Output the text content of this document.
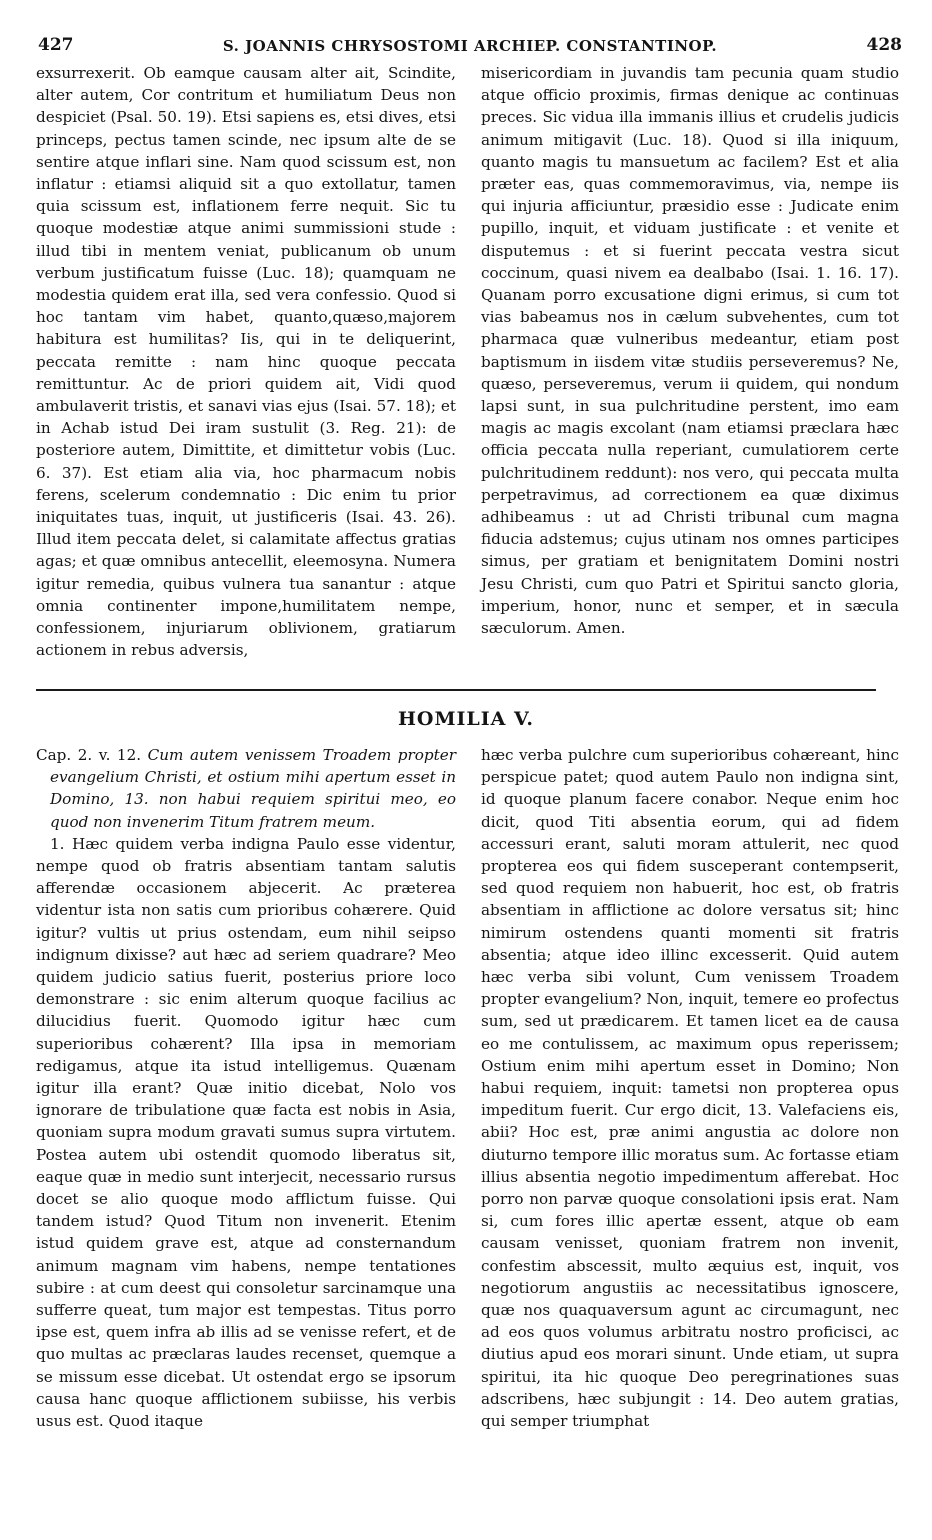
427	S. JOANNIS CHRYSOSTOMI ARCHIEP. CONSTANTINOP.	428

exsurrexerit. Ob eamque causam alter ait, Scindite, alter autem, Cor contritum et humiliatum Deus non despiciet (Psal. 50. 19). Etsi sapiens es, etsi dives, etsi princeps, pectus tamen scinde, nec ipsum alte de se sentire atque inflari sine. Nam quod scissum est, non inflatur : etiamsi aliquid sit a quo extollatur, tamen quia scissum est, inflationem ferre nequit. Sic tu quoque modestiæ atque animi summissioni stude : illud tibi in mentem veniat, publicanum ob unum verbum justificatum fuisse (Luc. 18); quamquam ne modestia quidem erat illa, sed vera confessio. Quod si hoc tantam vim habet, quanto,quæso,majorem habitura est humilitas? Iis, qui in te deliquerint, peccata remitte : nam hinc quoque peccata remittuntur. Ac de priori quidem ait, Vidi quod ambulaverit tristis, et sanavi vias ejus (Isai. 57. 18); et in Achab istud Dei iram sustulit (3. Reg. 21): de posteriore autem, Dimittite, et dimittetur vobis (Luc. 6. 37). Est etiam alia via, hoc pharmacum nobis ferens, scelerum condemnatio : Dic enim tu prior iniquitates tuas, inquit, ut justificeris (Isai. 43. 26). Illud item peccata delet, si calamitate affectus gratias agas; et quæ omnibus antecellit, eleemosyna. Numera igitur remedia, quibus vulnera tua sanantur : atque omnia continenter impone,humilitatem nempe, confessionem, injuriarum oblivionem, gratiarum actionem in rebus adversis,

misericordiam in juvandis tam pecunia quam studio atque officio proximis, firmas denique ac continuas preces. Sic vidua illa immanis illius et crudelis judicis animum mitigavit (Luc. 18). Quod si illa iniquum, quanto magis tu mansuetum ac facilem? Est et alia præter eas, quas commemoravimus, via, nempe iis qui injuria afficiuntur, præsidio esse : Judicate enim pupillo, inquit, et viduam justificate : et venite et disputemus : et si fuerint peccata vestra sicut coccinum, quasi nivem ea dealbabo (Isai. 1. 16. 17). Quanam porro excusatione digni erimus, si cum tot vias babeamus nos in cælum subvehentes, cum tot pharmaca quæ vulneribus medeantur, etiam post baptismum in iisdem vitæ studiis perseveremus? Ne, quæso, perseveremus, verum ii quidem, qui nondum lapsi sunt, in sua pulchritudine perstent, imo eam magis ac magis excolant (nam etiamsi præclara hæc officia peccata nulla reperiant, cumulatiorem certe pulchritudinem reddunt): nos vero, qui peccata multa perpetravimus, ad correctionem ea quæ diximus adhibeamus : ut ad Christi tribunal cum magna fiducia adstemus; cujus utinam nos omnes participes simus, per gratiam et benignitatem Domini nostri Jesu Christi, cum quo Patri et Spiritui sancto gloria, imperium, honor, nunc et semper, et in sæcula sæculorum. Amen.

HOMILIA V.

Cap. 2. v. 12. Cum autem venissem Troadem propter evangelium Christi, et ostium mihi apertum esset in Domino, 13. non habui requiem spiritui meo, eo quod non invenerim Titum fratrem meum.

1. Hæc quidem verba indigna Paulo esse videntur, nempe quod ob fratris absentiam tantam salutis afferendæ occasionem abjecerit. Ac præterea videntur ista non satis cum prioribus cohærere. Quid igitur? vultis ut prius ostendam, eum nihil seipso indignum dixisse? aut hæc ad seriem quadrare? Meo quidem judicio satius fuerit, posterius priore loco demonstrare : sic enim alterum quoque facilius ac dilucidius fuerit. Quomodo igitur hæc cum superioribus cohærent? Illa ipsa in memoriam redigamus, atque ita istud intelligemus. Quænam igitur illa erant? Quæ initio dicebat, Nolo vos ignorare de tribulatione quæ facta est nobis in Asia, quoniam supra modum gravati sumus supra virtutem. Postea autem ubi ostendit quomodo liberatus sit, eaque quæ in medio sunt interjecit, necessario rursus docet se alio quoque modo afflictum fuisse. Qui tandem istud? Quod Titum non invenerit. Etenim istud quidem grave est, atque ad consternandum animum magnam vim habens, nempe tentationes subire : at cum deest qui consoletur sarcinamque una sufferre queat, tum major est tempestas. Titus porro ipse est, quem infra ab illis ad se venisse refert, et de quo multas ac præclaras laudes recenset, quemque a se missum esse dicebat. Ut ostendat ergo se ipsorum causa hanc quoque afflictionem subiisse, his verbis usus est. Quod itaque

hæc verba pulchre cum superioribus cohæreant, hinc perspicue patet; quod autem Paulo non indigna sint, id quoque planum facere conabor. Neque enim hoc dicit, quod Titi absentia eorum, qui ad fidem accessuri erant, saluti moram attulerit, nec quod propterea eos qui fidem susceperant contempserit, sed quod requiem non habuerit, hoc est, ob fratris absentiam in afflictione ac dolore versatus sit; hinc nimirum ostendens quanti momenti sit fratris absentia; atque ideo illinc excesserit. Quid autem hæc verba sibi volunt, Cum venissem Troadem propter evangelium? Non, inquit, temere eo profectus sum, sed ut prædicarem. Et tamen licet ea de causa eo me contulissem, ac maximum opus reperissem; Ostium enim mihi apertum esset in Domino; Non habui requiem, inquit: tametsi non propterea opus impeditum fuerit. Cur ergo dicit, 13. Valefaciens eis, abii? Hoc est, præ animi angustia ac dolore non diuturno tempore illic moratus sum. Ac fortasse etiam illius absentia negotio impedimentum afferebat. Hoc porro non parvæ quoque consolationi ipsis erat. Nam si, cum fores illic apertæ essent, atque ob eam causam venisset, quoniam fratrem non invenit, confestim abscessit, multo æquius est, inquit, vos negotiorum angustiis ac necessitatibus ignoscere, quæ nos quaquaversum agunt ac circumagunt, nec ad eos quos volumus arbitratu nostro proficisci, ac diutius apud eos morari sinunt. Unde etiam, ut supra spiritui, ita hic quoque Deo peregrinationes suas adscribens, hæc subjungit : 14. Deo autem gratias, qui semper triumphat
